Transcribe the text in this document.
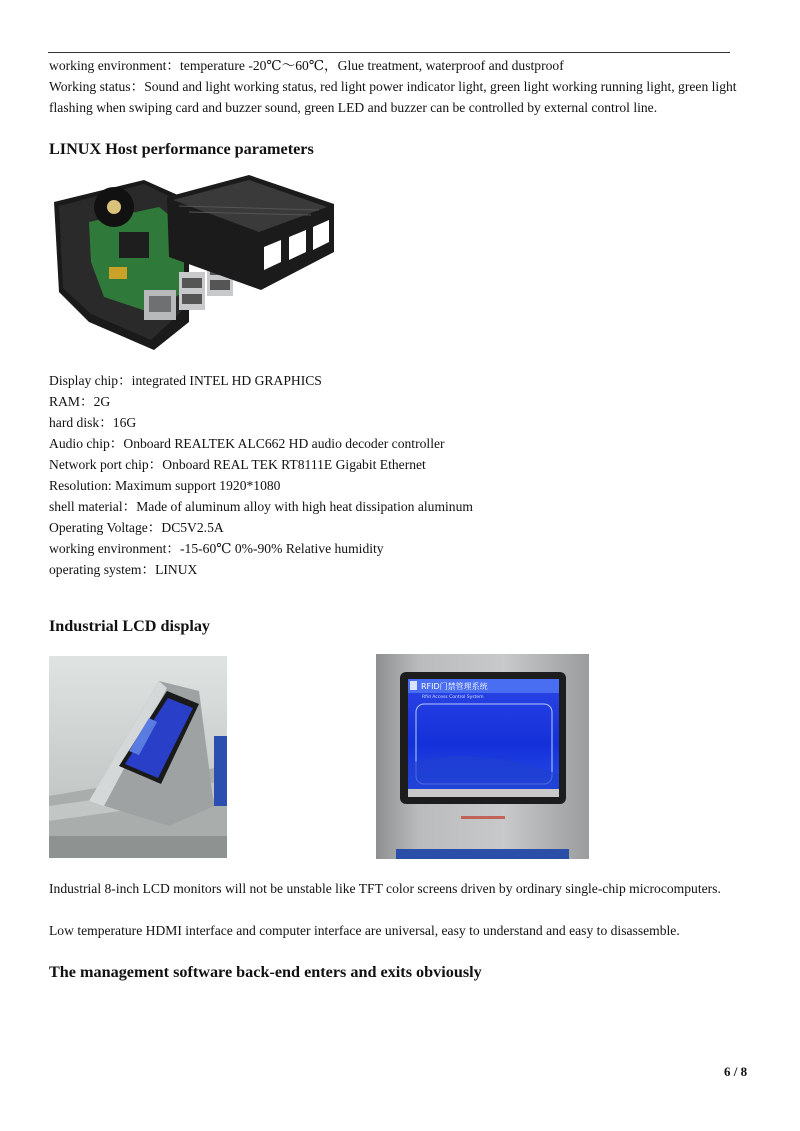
working environment：temperature -20℃～60℃，Glue treatment, waterproof and dustproof
Working status：Sound and light working status, red light power indicator light, green light working running light, green light flashing when swiping card and buzzer sound, green LED and buzzer can be controlled by external control line.
LINUX Host performance parameters
Display chip：integrated INTEL HD GRAPHICS
RAM：2G
hard disk：16G
Audio chip：Onboard REALTEK ALC662 HD audio decoder controller
Network port chip：Onboard REAL TEK RT8111E Gigabit Ethernet
Resolution: Maximum support 1920*1080
shell material：Made of aluminum alloy with high heat dissipation aluminum
Operating Voltage：DC5V2.5A
working environment：-15-60℃ 0%-90% Relative humidity
operating system：LINUX
Industrial LCD display
RFID门禁管理系统
Rfid Access Control System
Industrial 8-inch LCD monitors will not be unstable like TFT color screens driven by ordinary single-chip microcomputers.
Low temperature HDMI interface and computer interface are universal, easy to understand and easy to disassemble.
The management software back-end enters and exits obviously
6 / 8
